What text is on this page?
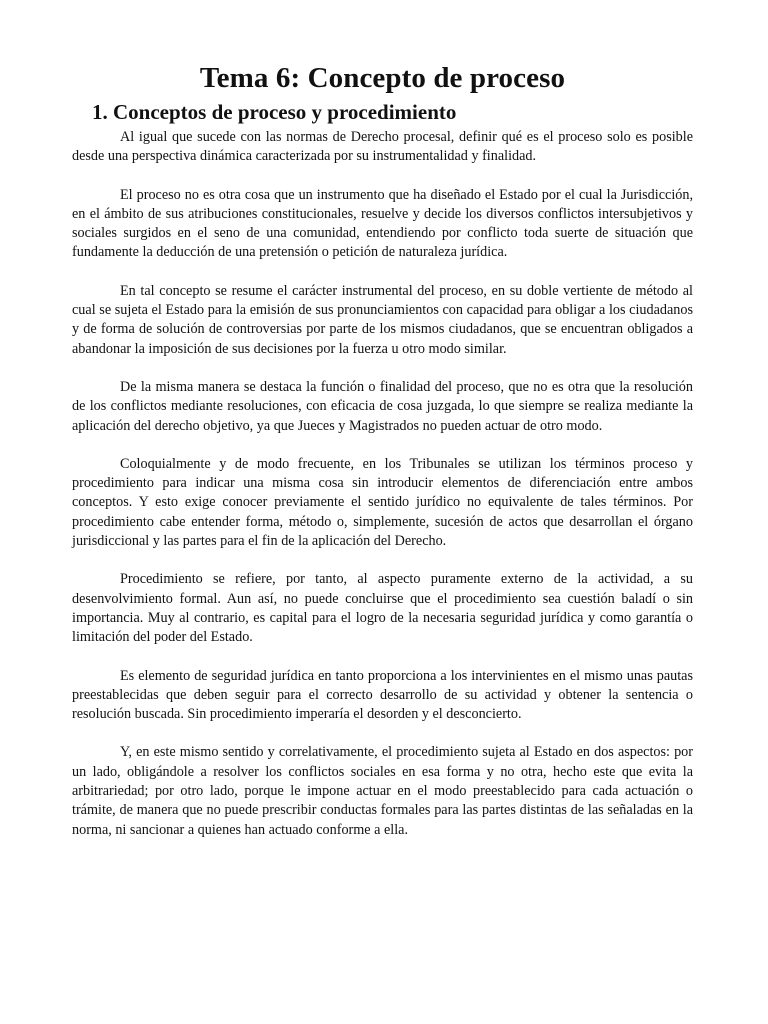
Tema 6: Concepto de proceso
1. Conceptos de proceso y procedimiento

Al igual que sucede con las normas de Derecho procesal, definir qué es el proceso solo es posible desde una perspectiva dinámica caracterizada por su instrumentalidad y finalidad.

El proceso no es otra cosa que un instrumento que ha diseñado el Estado por el cual la Jurisdicción, en el ámbito de sus atribuciones constitucionales, resuelve y decide los diversos conflictos intersubjetivos y sociales surgidos en el seno de una comunidad, entendiendo por conflicto toda suerte de situación que fundamente la deducción de una pretensión o petición de naturaleza jurídica.

En tal concepto se resume el carácter instrumental del proceso, en su doble vertiente de método al cual se sujeta el Estado para la emisión de sus pronunciamientos con capacidad para obligar a los ciudadanos y de forma de solución de controversias por parte de los mismos ciudadanos, que se encuentran obligados a abandonar la imposición de sus decisiones por la fuerza u otro modo similar.

De la misma manera se destaca la función o finalidad del proceso, que no es otra que la resolución de los conflictos mediante resoluciones, con eficacia de cosa juzgada, lo que siempre se realiza mediante la aplicación del derecho objetivo, ya que Jueces y Magistrados no pueden actuar de otro modo.

Coloquialmente y de modo frecuente, en los Tribunales se utilizan los términos proceso y procedimiento para indicar una misma cosa sin introducir elementos de diferenciación entre ambos conceptos. Y esto exige conocer previamente el sentido jurídico no equivalente de tales términos. Por procedimiento cabe entender forma, método o, simplemente, sucesión de actos que desarrollan el órgano jurisdiccional y las partes para el fin de la aplicación del Derecho.

Procedimiento se refiere, por tanto, al aspecto puramente externo de la actividad, a su desenvolvimiento formal. Aun así, no puede concluirse que el procedimiento sea cuestión baladí o sin importancia. Muy al contrario, es capital para el logro de la necesaria seguridad jurídica y como garantía o limitación del poder del Estado.

Es elemento de seguridad jurídica en tanto proporciona a los intervinientes en el mismo unas pautas preestablecidas que deben seguir para el correcto desarrollo de su actividad y obtener la sentencia o resolución buscada. Sin procedimiento imperaría el desorden y el desconcierto.

Y, en este mismo sentido y correlativamente, el procedimiento sujeta al Estado en dos aspectos: por un lado, obligándole a resolver los conflictos sociales en esa forma y no otra, hecho este que evita la arbitrariedad; por otro lado, porque le impone actuar en el modo preestablecido para cada actuación o trámite, de manera que no puede prescribir conductas formales para las partes distintas de las señaladas en la norma, ni sancionar a quienes han actuado conforme a ella.
